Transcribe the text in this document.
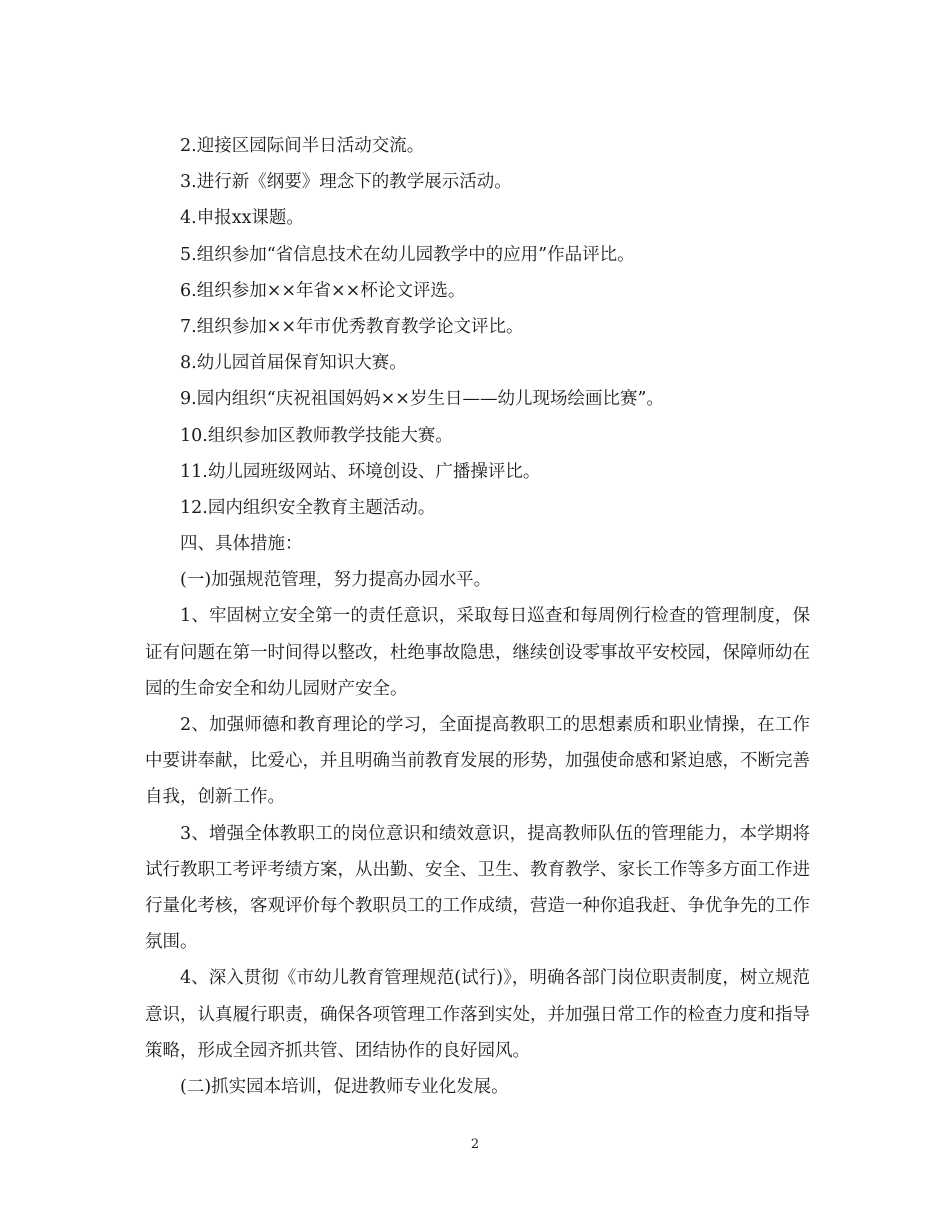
2.迎接区园际间半日活动交流。
3.进行新《纲要》理念下的教学展示活动。
4.申报xx课题。
5.组织参加“省信息技术在幼儿园教学中的应用”作品评比。
6.组织参加××年省××杯论文评选。
7.组织参加××年市优秀教育教学论文评比。
8.幼儿园首届保育知识大赛。
9.园内组织“庆祝祖国妈妈××岁生日——幼儿现场绘画比赛”。
10.组织参加区教师教学技能大赛。
11.幼儿园班级网站、环境创设、广播操评比。
12.园内组织安全教育主题活动。
四、具体措施：
(一)加强规范管理，努力提高办园水平。

1、牢固树立安全第一的责任意识，采取每日巡查和每周例行检查的管理制度，保证有问题在第一时间得以整改，杜绝事故隐患，继续创设零事故平安校园，保障师幼在园的生命安全和幼儿园财产安全。

2、加强师德和教育理论的学习，全面提高教职工的思想素质和职业情操，在工作中要讲奉献，比爱心，并且明确当前教育发展的形势，加强使命感和紧迫感，不断完善自我，创新工作。

3、增强全体教职工的岗位意识和绩效意识，提高教师队伍的管理能力，本学期将试行教职工考评考绩方案，从出勤、安全、卫生、教育教学、家长工作等多方面工作进行量化考核，客观评价每个教职员工的工作成绩，营造一种你追我赶、争优争先的工作氛围。

4、深入贯彻《市幼儿教育管理规范(试行)》，明确各部门岗位职责制度，树立规范意识，认真履行职责，确保各项管理工作落到实处，并加强日常工作的检查力度和指导策略，形成全园齐抓共管、团结协作的良好园风。

(二)抓实园本培训，促进教师专业化发展。
2
